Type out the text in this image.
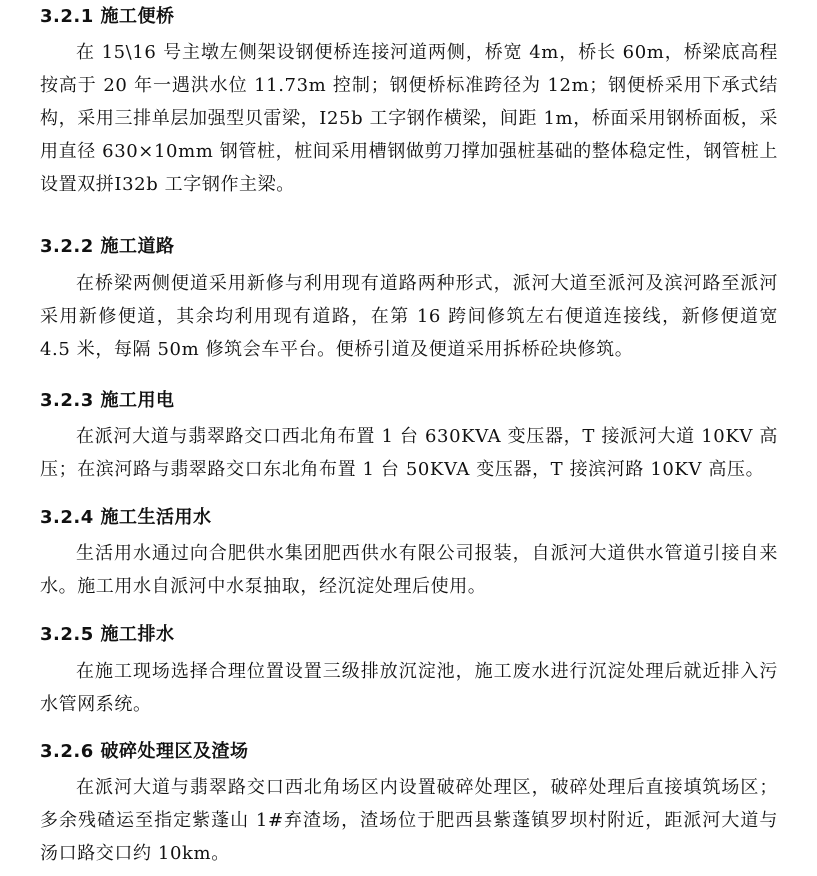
3.2.1 施工便桥
在 15\16 号主墩左侧架设钢便桥连接河道两侧，桥宽 4m，桥长 60m，桥梁底高程按高于 20 年一遇洪水位 11.73m 控制；钢便桥标准跨径为 12m；钢便桥采用下承式结构，采用三排单层加强型贝雷梁，Ⅰ25b 工字钢作横梁，间距 1m，桥面采用钢桥面板，采用直径 630×10mm 钢管桩，桩间采用槽钢做剪刀撑加强桩基础的整体稳定性，钢管桩上设置双拼Ⅰ32b 工字钢作主梁。
3.2.2 施工道路
在桥梁两侧便道采用新修与利用现有道路两种形式，派河大道至派河及滨河路至派河采用新修便道，其余均利用现有道路，在第 16 跨间修筑左右便道连接线，新修便道宽 4.5 米，每隔 50m 修筑会车平台。便桥引道及便道采用拆桥砼块修筑。
3.2.3 施工用电
在派河大道与翡翠路交口西北角布置 1 台 630KVA 变压器，T 接派河大道 10KV 高压；在滨河路与翡翠路交口东北角布置 1 台 50KVA 变压器，T 接滨河路 10KV 高压。
3.2.4 施工生活用水
生活用水通过向合肥供水集团肥西供水有限公司报装，自派河大道供水管道引接自来水。施工用水自派河中水泵抽取，经沉淀处理后使用。
3.2.5 施工排水
在施工现场选择合理位置设置三级排放沉淀池，施工废水进行沉淀处理后就近排入污水管网系统。
3.2.6 破碎处理区及渣场
在派河大道与翡翠路交口西北角场区内设置破碎处理区，破碎处理后直接填筑场区；多余残碴运至指定紫蓬山 1#弃渣场，渣场位于肥西县紫蓬镇罗坝村附近，距派河大道与汤口路交口约 10km。
